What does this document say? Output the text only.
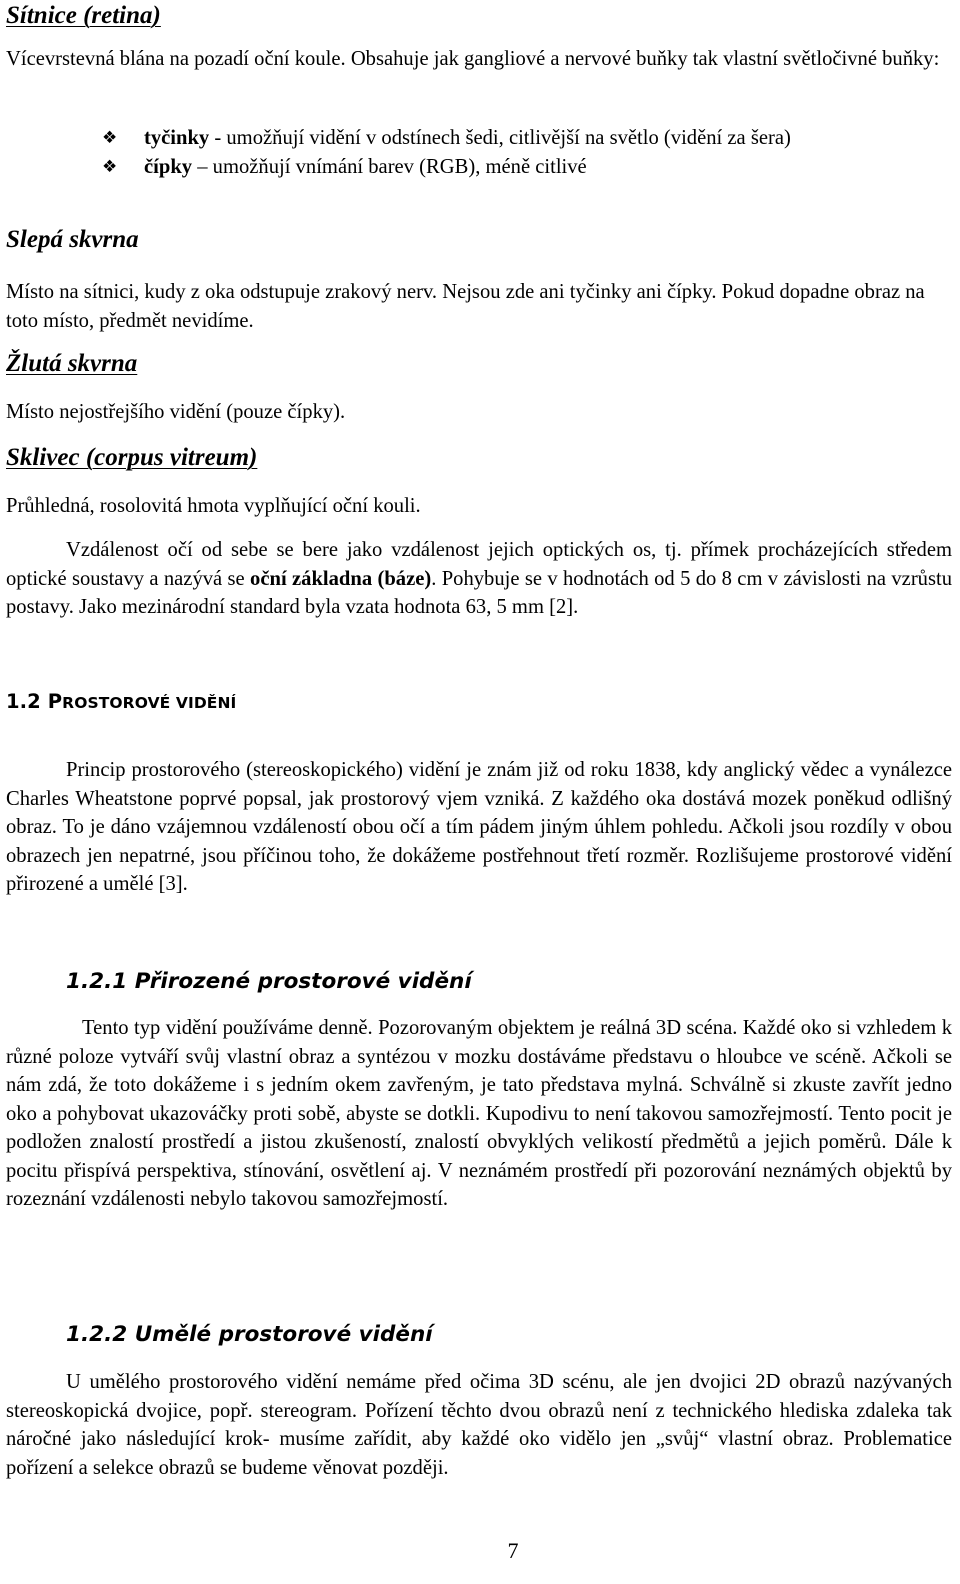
Sítnice (retina)

Vícevrstevná blána na pozadí oční koule. Obsahuje jak gangliové a nervové buňky tak vlastní světločivné buňky:

❖ tyčinky - umožňují vidění v odstínech šedi, citlivější na světlo (vidění za šera)
❖ čípky – umožňují vnímání barev (RGB), méně citlivé
Slepá skvrna

Místo na sítnici, kudy z oka odstupuje zrakový nerv. Nejsou zde ani tyčinky ani čípky. Pokud dopadne obraz na toto místo, předmět nevidíme.

Žlutá skvrna

Místo nejostřejšího vidění (pouze čípky).

Sklivec (corpus vitreum)

Průhledná, rosolovitá hmota vyplňující oční kouli.

Vzdálenost očí od sebe se bere jako vzdálenost jejich optických os, tj. přímek procházejících středem optické soustavy a nazývá se oční základna (báze). Pohybuje se v hodnotách od 5 do 8 cm v závislosti na vzrůstu postavy. Jako mezinárodní standard byla vzata hodnota 63, 5 mm [2].

1.2 PROSTOROVÉ VIDĚNÍ

Princip prostorového (stereoskopického) vidění je znám již od roku 1838, kdy anglický vědec a vynálezce Charles Wheatstone poprvé popsal, jak prostorový vjem vzniká. Z každého oka dostává mozek poněkud odlišný obraz. To je dáno vzájemnou vzdáleností obou očí a tím pádem jiným úhlem pohledu. Ačkoli jsou rozdíly v obou obrazech jen nepatrné, jsou příčinou toho, že dokážeme postřehnout třetí rozměr. Rozlišujeme prostorové vidění přirozené a umělé [3].

1.2.1 Přirozené prostorové vidění

Tento typ vidění používáme denně. Pozorovaným objektem je reálná 3D scéna. Každé oko si vzhledem k různé poloze vytváří svůj vlastní obraz a syntézou v mozku dostáváme představu o hloubce ve scéně. Ačkoli se nám zdá, že toto dokážeme i s jedním okem zavřeným, je tato představa mylná. Schválně si zkuste zavřít jedno oko a pohybovat ukazováčky proti sobě, abyste se dotkli. Kupodivu to není takovou samozřejmostí. Tento pocit je podložen znalostí prostředí a jistou zkušeností, znalostí obvyklých velikostí předmětů a jejich poměrů. Dále k pocitu přispívá perspektiva, stínování, osvětlení aj. V neznámém prostředí při pozorování neznámých objektů by rozeznání vzdálenosti nebylo takovou samozřejmostí.

1.2.2 Umělé prostorové vidění

U umělého prostorového vidění nemáme před očima 3D scénu, ale jen dvojici 2D obrazů nazývaných stereoskopická dvojice, popř. stereogram. Pořízení těchto dvou obrazů není z technického hlediska zdaleka tak náročné jako následující krok- musíme zařídit, aby každé oko vidělo jen „svůj“ vlastní obraz. Problematice pořízení a selekce obrazů se budeme věnovat později.

7
